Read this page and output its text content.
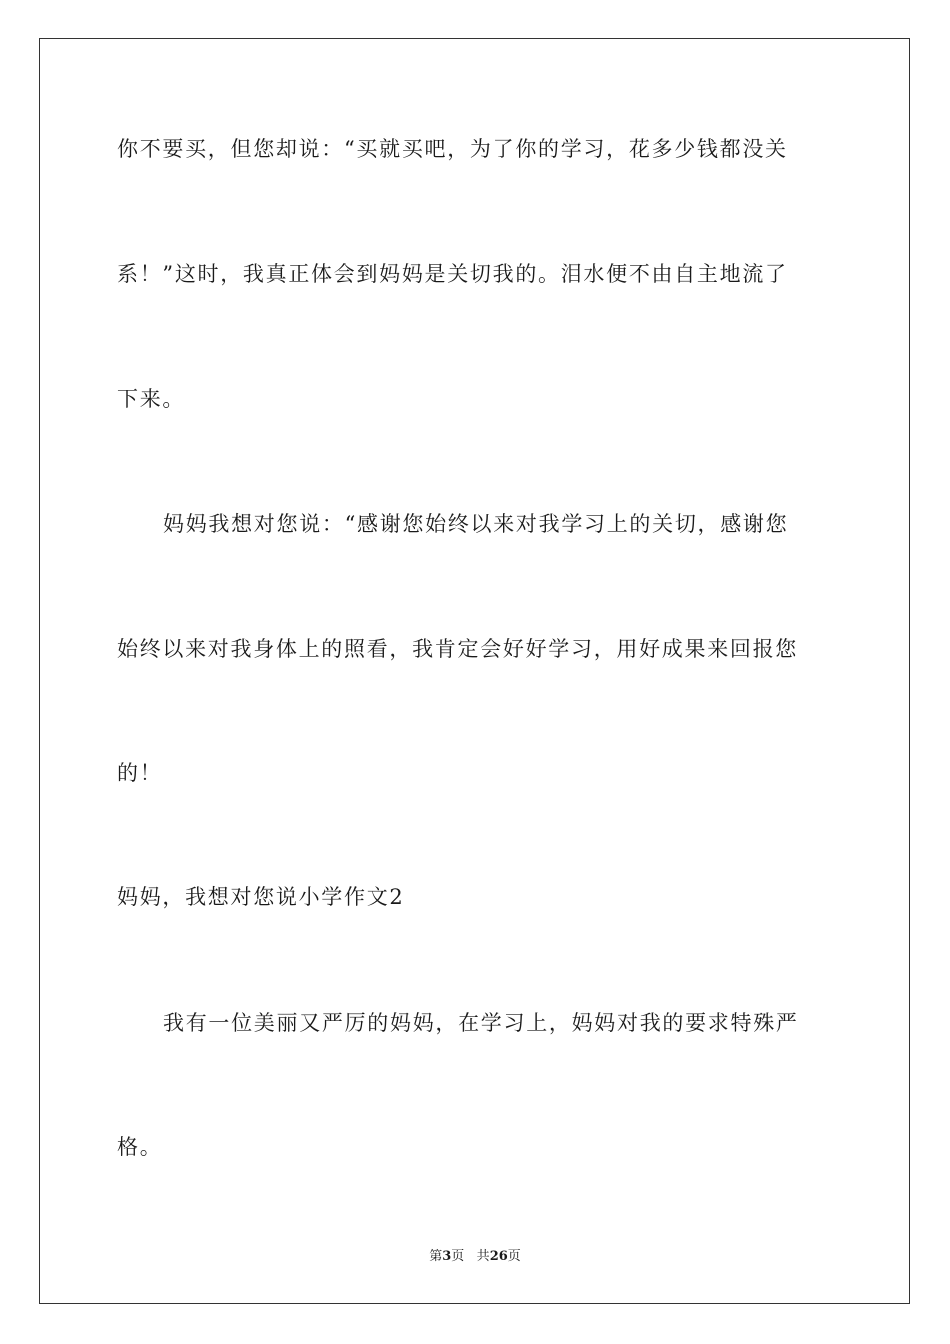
你不要买，但您却说：“买就买吧，为了你的学习，花多少钱都没关
系！”这时，我真正体会到妈妈是关切我的。泪水便不由自主地流了
下来。
妈妈我想对您说：“感谢您始终以来对我学习上的关切，感谢您
始终以来对我身体上的照看，我肯定会好好学习，用好成果来回报您
的！
妈妈，我想对您说小学作文2
我有一位美丽又严厉的妈妈，在学习上，妈妈对我的要求特殊严
格。
第3页 共26页
